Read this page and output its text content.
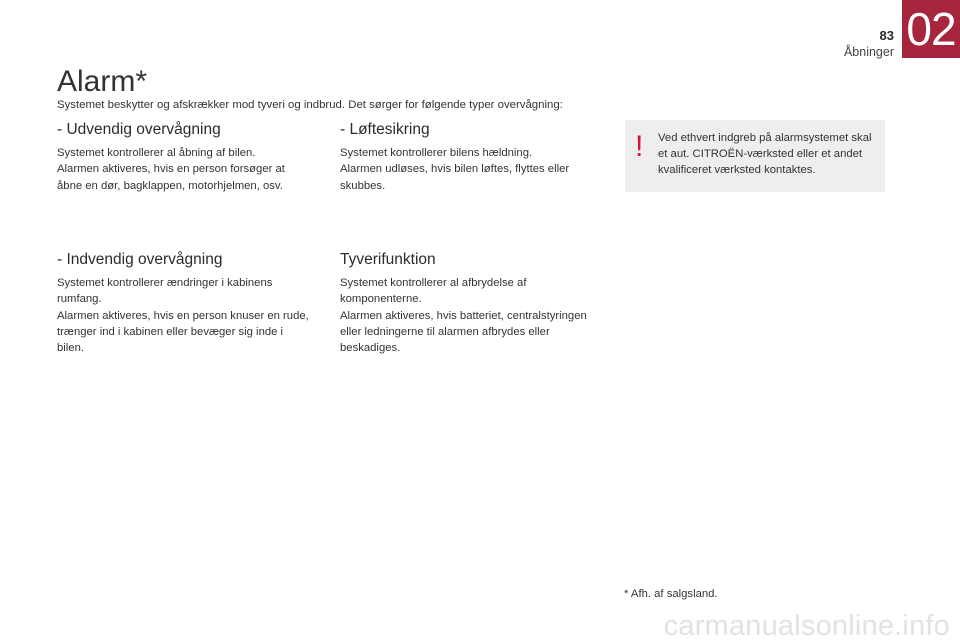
83
Åbninger 02
Alarm*
Systemet beskytter og afskrækker mod tyveri og indbrud. Det sørger for følgende typer overvågning:
- Udvendig overvågning
Systemet kontrollerer al åbning af bilen.
Alarmen aktiveres, hvis en person forsøger at åbne en dør, bagklappen, motorhjelmen, osv.
- Løftesikring
Systemet kontrollerer bilens hældning.
Alarmen udløses, hvis bilen løftes, flyttes eller skubbes.
- Indvendig overvågning
Systemet kontrollerer ændringer i kabinens rumfang.
Alarmen aktiveres, hvis en person knuser en rude, trænger ind i kabinen eller bevæger sig inde i bilen.
Tyverifunktion
Systemet kontrollerer al afbrydelse af komponenterne.
Alarmen aktiveres, hvis batteriet, centralstyringen eller ledningerne til alarmen afbrydes eller beskadiges.
! Ved ethvert indgreb på alarmsystemet skal et aut. CITROËN-værksted eller et andet kvalificeret værksted kontaktes.
* Afh. af salgsland.
carmanualsonline.info
